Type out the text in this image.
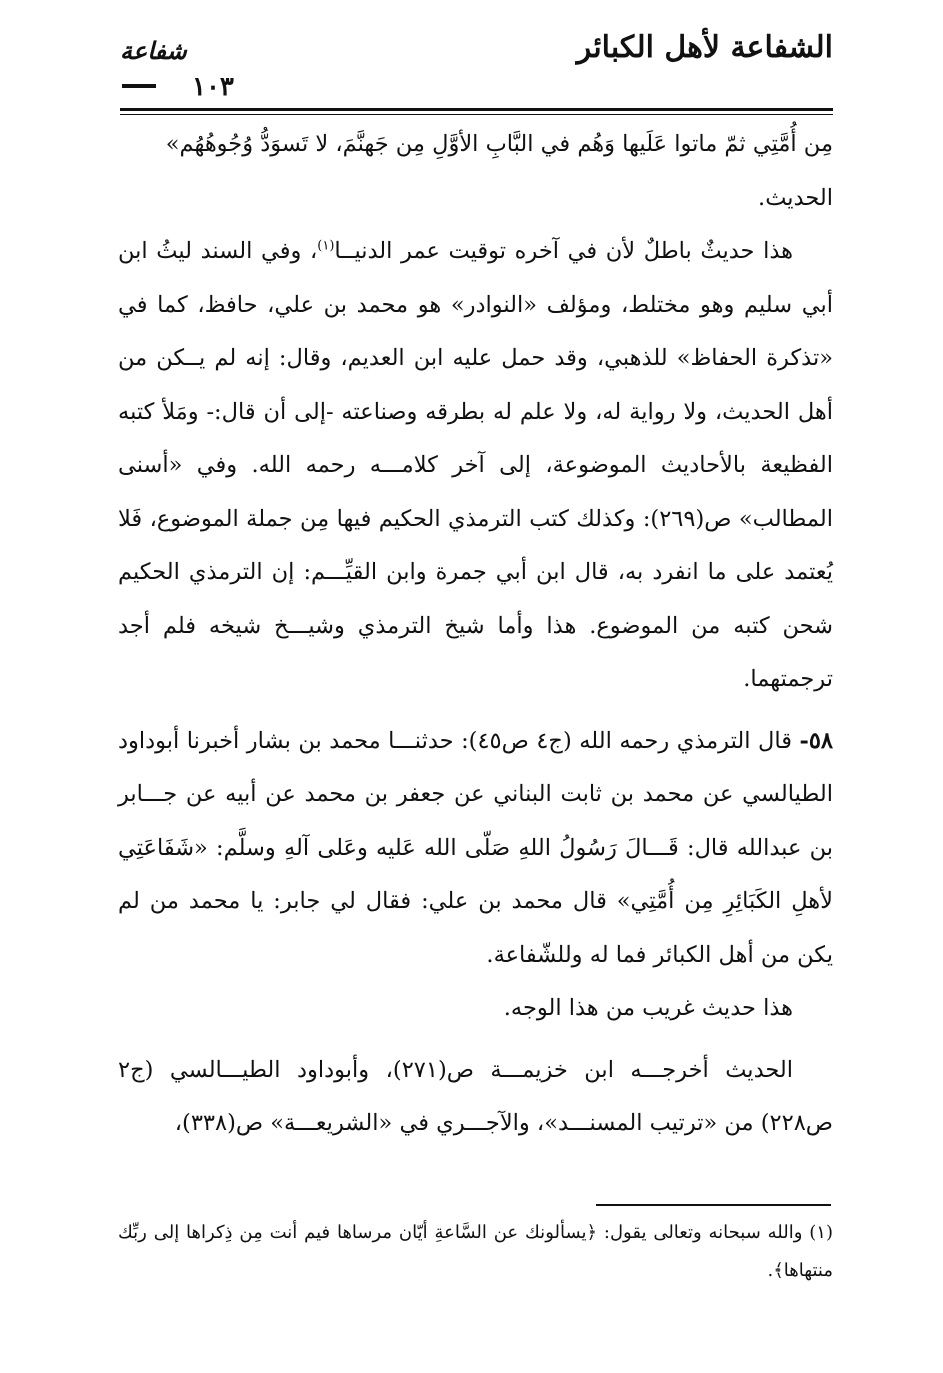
الشفاعة لأهل الكبائر
شفاعة
١٠٣

مِن أُمَّتِي ثمّ ماتوا عَلَيها وَهُم في البَّابِ الأوَّلِ مِن جَهنَّمَ، لا تَسوَدُّ وُجُوهُهُم»

الحديث.

هذا حديثٌ باطلٌ لأن في آخره توقيت عمر الدنيــا$^{(١)}$، وفي السند ليثُ ابن أبي سليم وهو مختلط، ومؤلف «النوادر» هو محمد بن علي، حافظ، كما في «تذكرة الحفاظ» للذهبي، وقد حمل عليه ابن العديم، وقال: إنه لم يــكن من أهل الحديث، ولا رواية له، ولا علم له بطرقه وصناعته -إلى أن قال:- ومَلأ كتبه الفظيعة بالأحاديث الموضوعة، إلى آخر كلامـــه رحمه الله. وفي «أسنى المطالب» ص(٢٦٩): وكذلك كتب الترمذي الحكيم فيها مِن جملة الموضوع، فَلا يُعتمد على ما انفرد به، قال ابن أبي جمرة وابن القيِّـــم: إن الترمذي الحكيم شحن كتبه من الموضوع. هذا وأما شيخ الترمذي وشيـــخ شيخه فلم أجد ترجمتهما.

٥٨- قال الترمذي رحمه الله (ج٤ ص٤٥): حدثنـــا محمد بن بشار أخبرنا أبوداود الطيالسي عن محمد بن ثابت البناني عن جعفر بن محمد عن أبيه عن جـــابر بن عبدالله قال: قَـــالَ رَسُولُ اللهِ صَلّى الله عَليه وعَلى آلهِ وسلَّم: «شَفَاعَتِي لأهلِ الكَبَائِرِ مِن أُمَّتِي» قال محمد بن علي: فقال لي جابر: يا محمد من لم يكن من أهل الكبائر فما له وللشّفاعة.

هذا حديث غريب من هذا الوجه.

الحديث أخرجـــه ابن خزيمـــة ص(٢٧١)، وأبوداود الطيـــالسي (ج٢ ص٢٢٨) من «ترتيب المسنـــد»، والآجـــري في «الشريعـــة» ص(٣٣٨)،

(١) والله سبحانه وتعالى يقول: ﴿يسألونك عن السَّاعةِ أيّان مرساها فيم أنت مِن ذِكراها إلى ربِّك منتهاها﴾.
